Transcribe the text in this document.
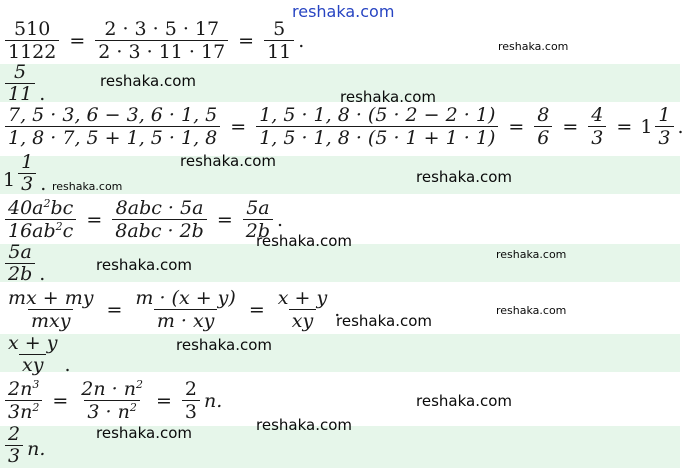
reshaka.com
$\frac{510}{1122} = \frac{2 \cdot 3 \cdot 5 \cdot 17}{2 \cdot 3 \cdot 11 \cdot 17} = \frac{5}{11}$ .
$\frac{5}{11}$ .
$\frac{7, 5 \cdot 3, 6 - 3, 6 \cdot 1, 5}{1, 8 \cdot 7, 5 + 1, 5 \cdot 1, 8} = \frac{1, 5 \cdot 1, 8 \cdot (5 \cdot 2 - 2 \cdot 1)}{1, 5 \cdot 1, 8 \cdot (5 \cdot 1 + 1 \cdot 1)} = \frac{8}{6} = \frac{4}{3} = 1 \frac{1}{3}$ .
$1 \frac{1}{3}$ .
$\frac{40a^2bc}{16ab^2c} = \frac{\text{8abc · 5a}}{\text{8abc · 2b}} = \frac{5a}{2b}$ .
$\frac{5a}{2b}$ .
$\frac{mx + my}{\text{mxy}} = \frac{m \cdot (x + y)}{m \cdot xy} = \frac{x + y}{xy}$ .
$\frac{x + y}{xy}$ .
$\frac{2n^3}{3n^2} = \frac{2n \cdot n^2}{3 \cdot n^2} = \frac{2}{3} n$.
$\frac{2}{3} n$.
reshaka.com
reshaka.com
reshaka.com
reshaka.com
reshaka.com
reshaka.com
reshaka.com
reshaka.com
reshaka.com
reshaka.com
reshaka.com
reshaka.com
reshaka.com
reshaka.com
reshaka.com
